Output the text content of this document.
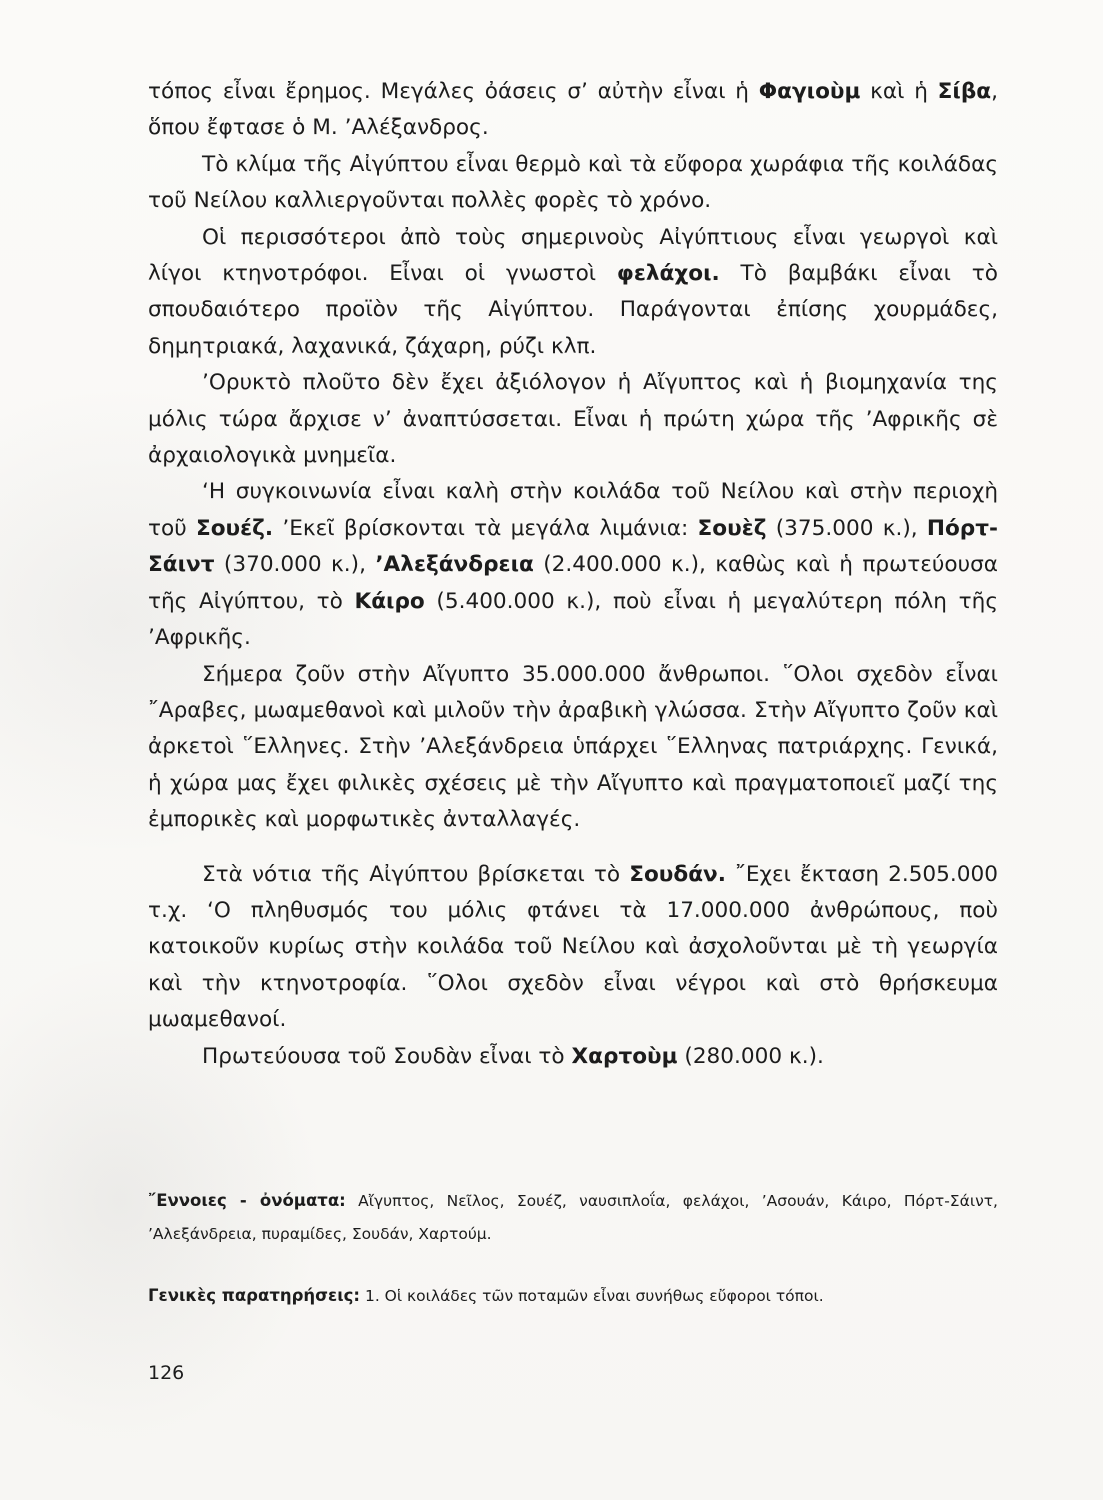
τόπος εἶναι ἔρημος. Μεγάλες ὀάσεις σ’ αὐτὴν εἶναι ἡ Φαγιοὺμ καὶ ἡ Σίβα, ὅπου ἔφτασε ὁ Μ. ’Αλέξανδρος.

Τὸ κλίμα τῆς Αἰγύπτου εἶναι θερμὸ καὶ τὰ εὔφορα χωράφια τῆς κοιλάδας τοῦ Νείλου καλλιεργοῦνται πολλὲς φορὲς τὸ χρόνο.

Οἱ περισσότεροι ἀπὸ τοὺς σημερινοὺς Αἰγύπτιους εἶναι γεωργοὶ καὶ λίγοι κτηνοτρόφοι. Εἶναι οἱ γνωστοὶ φελάχοι. Τὸ βαμβάκι εἶναι τὸ σπουδαιότερο προϊὸν τῆς Αἰγύπτου. Παράγονται ἐπίσης χουρμάδες, δημητριακά, λαχανικά, ζάχαρη, ρύζι κλπ.

’Ορυκτὸ πλοῦτο δὲν ἔχει ἀξιόλογον ἡ Αἴγυπτος καὶ ἡ βιομηχανία της μόλις τώρα ἄρχισε ν’ ἀναπτύσσεται. Εἶναι ἡ πρώτη χώρα τῆς ’Αφρικῆς σὲ ἀρχαιολογικὰ μνημεῖα.

‘Η συγκοινωνία εἶναι καλὴ στὴν κοιλάδα τοῦ Νείλου καὶ στὴν περιοχὴ τοῦ Σουέζ. ’Εκεῖ βρίσκονται τὰ μεγάλα λιμάνια: Σουὲζ (375.000 κ.), Πόρτ-Σάιντ (370.000 κ.), ’Αλεξάνδρεια (2.400.000 κ.), καθὼς καὶ ἡ πρωτεύουσα τῆς Αἰγύπτου, τὸ Κάιρο (5.400.000 κ.), ποὺ εἶναι ἡ μεγαλύτερη πόλη τῆς ’Αφρικῆς.

Σήμερα ζοῦν στὴν Αἴγυπτο 35.000.000 ἄνθρωποι. ῞Ολοι σχεδὸν εἶναι ῎Αραβες, μωαμεθανοὶ καὶ μιλοῦν τὴν ἀραβικὴ γλώσσα. Στὴν Αἴγυπτο ζοῦν καὶ ἀρκετοὶ ῞Ελληνες. Στὴν ’Αλεξάνδρεια ὑπάρχει ῞Ελληνας πατριάρχης. Γενικά, ἡ χώρα μας ἔχει φιλικὲς σχέσεις μὲ τὴν Αἴγυπτο καὶ πραγματοποιεῖ μαζί της ἐμπορικὲς καὶ μορφωτικὲς ἀνταλλαγές.

Στὰ νότια τῆς Αἰγύπτου βρίσκεται τὸ Σουδάν. ῎Εχει ἔκταση 2.505.000 τ.χ. ‘Ο πληθυσμός του μόλις φτάνει τὰ 17.000.000 ἀνθρώπους, ποὺ κατοικοῦν κυρίως στὴν κοιλάδα τοῦ Νείλου καὶ ἀσχολοῦνται μὲ τὴ γεωργία καὶ τὴν κτηνοτροφία. ῞Ολοι σχεδὸν εἶναι νέγροι καὶ στὸ θρήσκευμα μωαμεθανοί.

Πρωτεύουσα τοῦ Σουδὰν εἶναι τὸ Χαρτοὺμ (280.000 κ.).

῎Εννοιες - ὀνόματα: Αἴγυπτος, Νεῖλος, Σουέζ, ναυσιπλοΐα, φελάχοι, ’Ασουάν, Κάιρο, Πόρτ-Σάιντ, ’Αλεξάνδρεια, πυραμίδες, Σουδάν, Χαρτούμ.

Γενικὲς παρατηρήσεις: 1. Οἱ κοιλάδες τῶν ποταμῶν εἶναι συνήθως εὔφοροι τόποι.

126
